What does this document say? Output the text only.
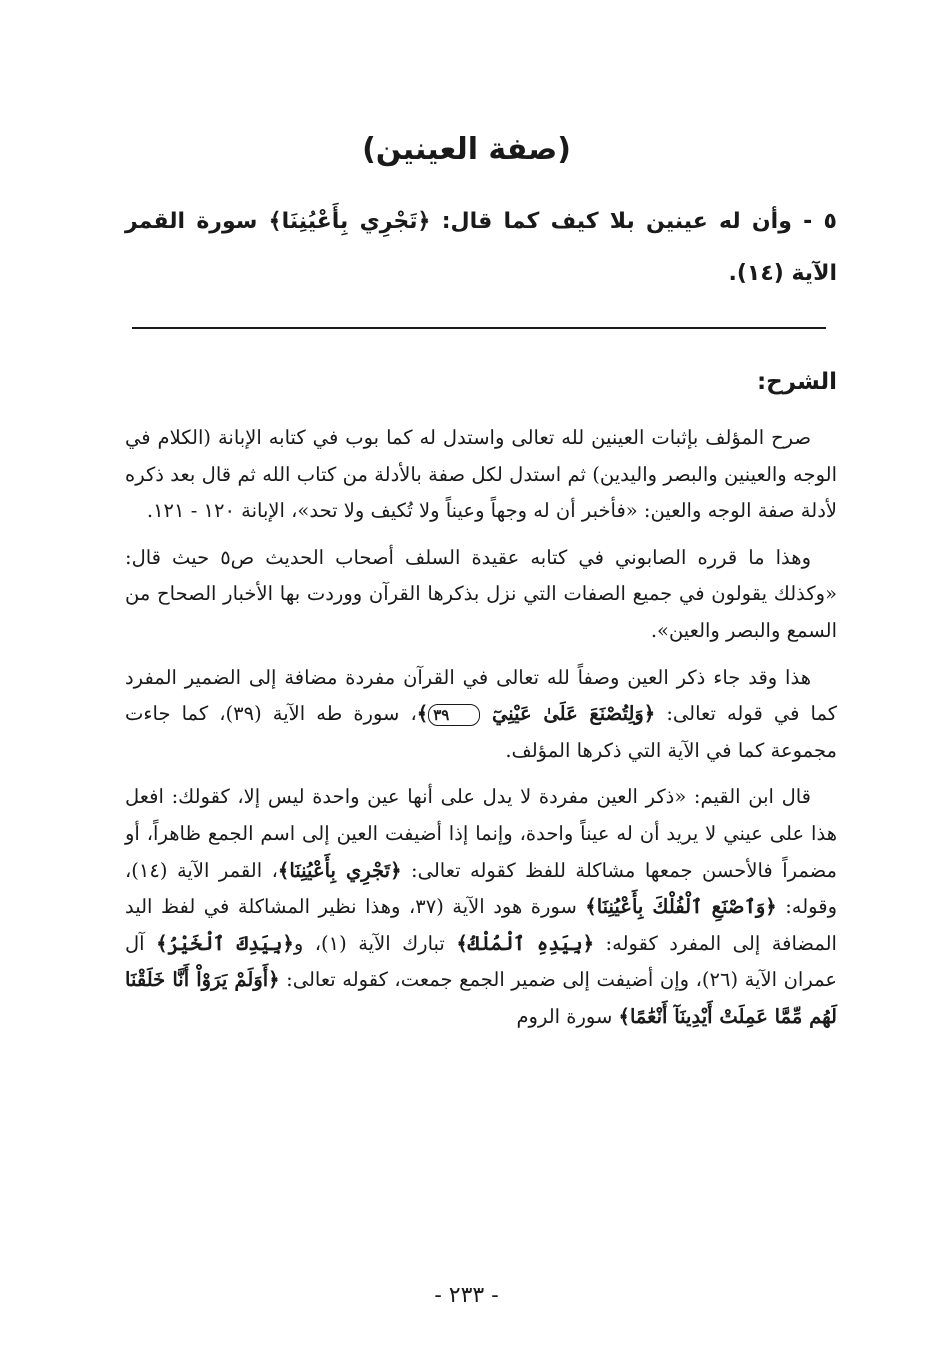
(صفة العينين)

٥ - وأن له عينين بلا كيف كما قال: ﴿تَجْرِي بِأَعْيُنِنَا﴾ سورة القمر الآية (١٤).

الشرح:

صرح المؤلف بإثبات العينين لله تعالى واستدل له كما بوب في كتابه الإبانة (الكلام في الوجه والعينين والبصر واليدين) ثم استدل لكل صفة بالأدلة من كتاب الله ثم قال بعد ذكره لأدلة صفة الوجه والعين: «فأخبر أن له وجهاً وعيناً ولا تُكيف ولا تحد»، الإبانة ١٢٠ - ١٢١.

وهذا ما قرره الصابوني في كتابه عقيدة السلف أصحاب الحديث ص٥ حيث قال: «وكذلك يقولون في جميع الصفات التي نزل بذكرها القرآن ووردت بها الأخبار الصحاح من السمع والبصر والعين».

هذا وقد جاء ذكر العين وصفاً لله تعالى في القرآن مفردة مضافة إلى الضمير المفرد كما في قوله تعالى: ﴿وَلِتُصْنَعَ عَلَىٰ عَيْنِيٓ ٣٩﴾، سورة طه الآية (٣٩)، كما جاءت مجموعة كما في الآية التي ذكرها المؤلف.

قال ابن القيم: «ذكر العين مفردة لا يدل على أنها عين واحدة ليس إلا، كقولك: افعل هذا على عيني لا يريد أن له عيناً واحدة، وإنما إذا أضيفت العين إلى اسم الجمع ظاهراً، أو مضمراً فالأحسن جمعها مشاكلة للفظ كقوله تعالى: ﴿تَجْرِي بِأَعْيُنِنَا﴾، القمر الآية (١٤)، وقوله: ﴿وَٱصْنَعِ ٱلْفُلْكَ بِأَعْيُنِنَا﴾ سورة هود الآية (٣٧، وهذا نظير المشاكلة في لفظ اليد المضافة إلى المفرد كقوله: ﴿بِيَدِهِ ٱلْمُلْكُ﴾ تبارك الآية (١)، و﴿بِيَدِكَ ٱلْخَيْرُ﴾ آل عمران الآية (٢٦)، وإن أضيفت إلى ضمير الجمع جمعت، كقوله تعالى: ﴿أَوَلَمْ يَرَوْاْ أَنَّا خَلَقْنَا لَهُم مِّمَّا عَمِلَتْ أَيْدِينَآ أَنْعَٰمًا﴾ سورة الروم

- ٢٣٣ -
